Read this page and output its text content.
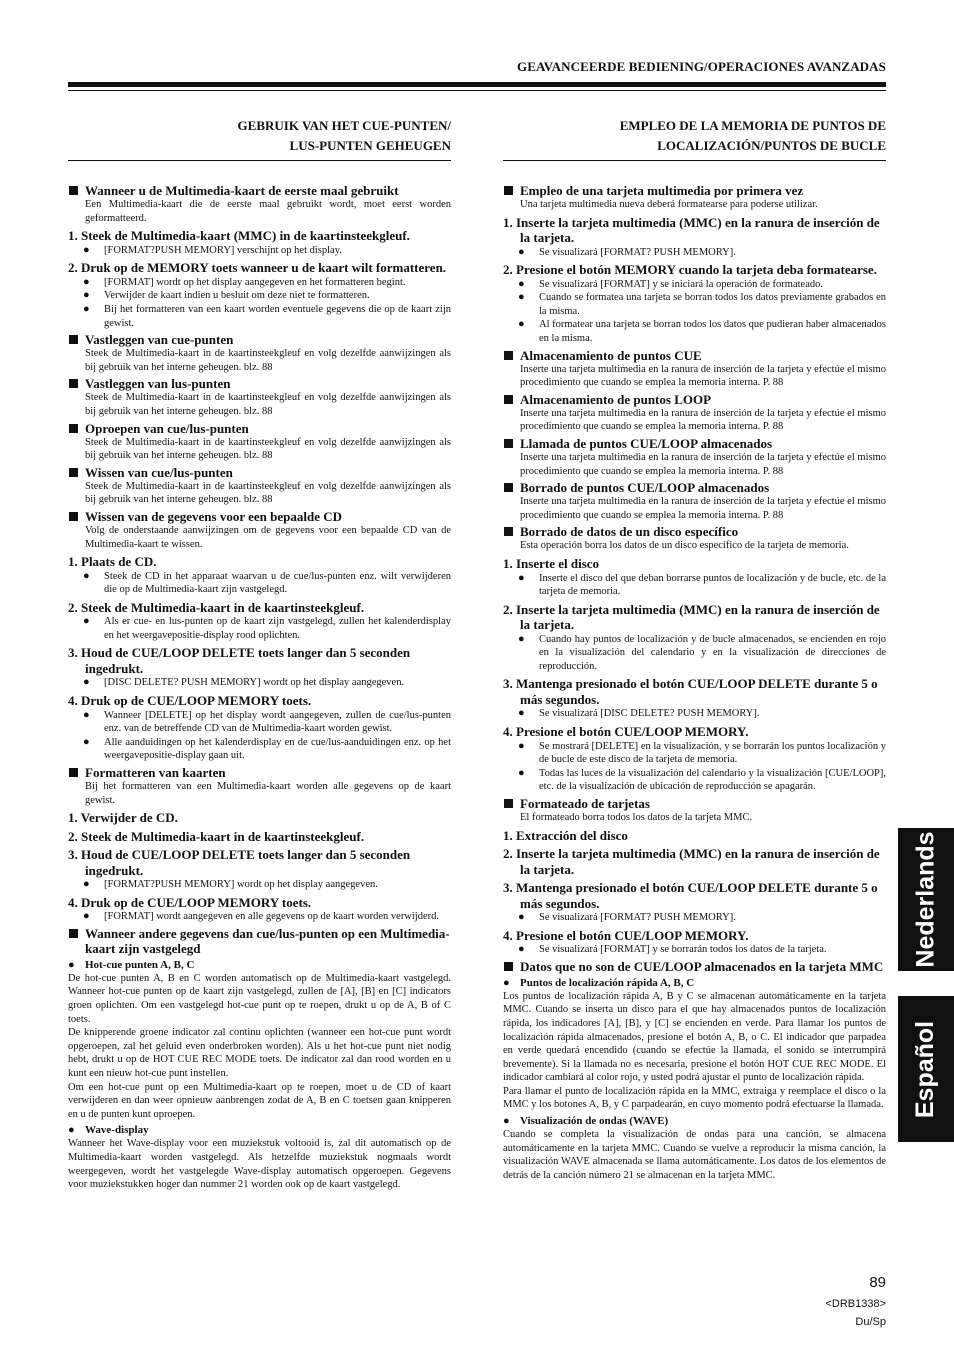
GEAVANCEERDE BEDIENING/OPERACIONES AVANZADAS
GEBRUIK VAN HET CUE-PUNTEN/
LUS-PUNTEN GEHEUGEN
Wanneer u de Multimedia-kaart de eerste maal gebruikt
Een Multimedia-kaart die de eerste maal gebruikt wordt, moet eerst worden geformatteerd.
1. Steek de Multimedia-kaart (MMC) in de kaartinsteekgleuf.
● [FORMAT?PUSH MEMORY] verschijnt op het display.
2. Druk op de MEMORY toets wanneer u de kaart wilt formatteren.
● [FORMAT] wordt op het display aangegeven en het formatteren begint.
● Verwijder de kaart indien u besluit om deze niet te formatteren.
● Bij het formatteren van een kaart worden eventuele gegevens die op de kaart zijn gewist.
Vastleggen van cue-punten
Steek de Multimedia-kaart in de kaartinsteekgleuf en volg dezelfde aanwijzingen als bij gebruik van het interne geheugen. blz. 88
Vastleggen van lus-punten
Steek de Multimedia-kaart in de kaartinsteekgleuf en volg dezelfde aanwijzingen als bij gebruik van het interne geheugen. blz. 88
Oproepen van cue/lus-punten
Steek de Multimedia-kaart in de kaartinsteekgleuf en volg dezelfde aanwijzingen als bij gebruik van het interne geheugen. blz. 88
Wissen van cue/lus-punten
Steek de Multimedia-kaart in de kaartinsteekgleuf en volg dezelfde aanwijzingen als bij gebruik van het interne geheugen. blz. 88
Wissen van de gegevens voor een bepaalde CD
Volg de onderstaande aanwijzingen om de gegevens voor een bepaalde CD van de Multimedia-kaart te wissen.
1. Plaats de CD.
● Steek de CD in het apparaat waarvan u de cue/lus-punten enz. wilt verwijderen die op de Multimedia-kaart zijn vastgelegd.
2. Steek de Multimedia-kaart in de kaartinsteekgleuf.
● Als er cue- en lus-punten op de kaart zijn vastgelegd, zullen het kalenderdisplay en het weergavepositie-display rood oplichten.
3. Houd de CUE/LOOP DELETE toets langer dan 5 seconden ingedrukt.
● [DISC DELETE? PUSH MEMORY] wordt op het display aangegeven.
4. Druk op de CUE/LOOP MEMORY toets.
● Wanneer [DELETE] op het display wordt aangegeven, zullen de cue/lus-punten enz. van de betreffende CD van de Multimedia-kaart worden gewist.
● Alle aanduidingen op het kalenderdisplay en de cue/lus-aanduidingen enz. op het weergavepositie-display gaan uit.
Formatteren van kaarten
Bij het formatteren van een Multimedia-kaart worden alle gegevens op de kaart gewist.
1. Verwijder de CD.
2. Steek de Multimedia-kaart in de kaartinsteekgleuf.
3. Houd de CUE/LOOP DELETE toets langer dan 5 seconden ingedrukt.
● [FORMAT?PUSH MEMORY] wordt op het display aangegeven.
4. Druk op de CUE/LOOP MEMORY toets.
● [FORMAT] wordt aangegeven en alle gegevens op de kaart worden verwijderd.
Wanneer andere gegevens dan cue/lus-punten op een Multimedia-kaart zijn vastgelegd
● Hot-cue punten A, B, C
De hot-cue punten A, B en C worden automatisch op de Multimedia-kaart vastgelegd. Wanneer hot-cue punten op de kaart zijn vastgelegd, zullen de [A], [B] en [C] indicators groen oplichten. Om een vastgelegd hot-cue punt op te roepen, drukt u op de A, B of C toets.
De knipperende groene indicator zal continu oplichten (wanneer een hot-cue punt wordt opgeroepen, zal het geluid even onderbroken worden). Als u het hot-cue punt niet nodig hebt, drukt u op de HOT CUE REC MODE toets. De indicator zal dan rood worden en u kunt een nieuw hot-cue punt instellen.
Om een hot-cue punt op een Multimedia-kaart op te roepen, moet u de CD of kaart verwijderen en dan weer opnieuw aanbrengen zodat de A, B en C toetsen gaan knipperen en u de punten kunt oproepen.
● Wave-display
Wanneer het Wave-display voor een muziekstuk voltooid is, zal dit automatisch op de Multimedia-kaart worden vastgelegd. Als hetzelfde muziekstuk nogmaals wordt weergegeven, wordt het vastgelegde Wave-display automatisch opgeroepen. Gegevens voor muziekstukken hoger dan nummer 21 worden ook op de kaart vastgelegd.
EMPLEO DE LA MEMORIA DE PUNTOS DE
LOCALIZACIÓN/PUNTOS DE BUCLE
Empleo de una tarjeta multimedia por primera vez
Una tarjeta multimedia nueva deberá formatearse para poderse utilizar.
1. Inserte la tarjeta multimedia (MMC) en la ranura de inserción de la tarjeta.
● Se visualizará [FORMAT? PUSH MEMORY].
2. Presione el botón MEMORY cuando la tarjeta deba formatearse.
● Se visualizará [FORMAT] y se iniciará la operación de formateado.
● Cuando se formatea una tarjeta se borran todos los datos previamente grabados en la misma.
● Al formatear una tarjeta se borran todos los datos que pudieran haber almacenados en la misma.
Almacenamiento de puntos CUE
Inserte una tarjeta multimedia en la ranura de inserción de la tarjeta y efectúe el mismo procedimiento que cuando se emplea la memoria interna. P. 88
Almacenamiento de puntos LOOP
Inserte una tarjeta multimedia en la ranura de inserción de la tarjeta y efectúe el mismo procedimiento que cuando se emplea la memoria interna. P. 88
Llamada de puntos CUE/LOOP almacenados
Inserte una tarjeta multimedia en la ranura de inserción de la tarjeta y efectúe el mismo procedimiento que cuando se emplea la memoria interna. P. 88
Borrado de puntos CUE/LOOP almacenados
Inserte una tarjeta multimedia en la ranura de inserción de la tarjeta y efectúe el mismo procedimiento que cuando se emplea la memoria interna. P. 88
Borrado de datos de un disco específico
Esta operación borra los datos de un disco específico de la tarjeta de memoria.
1. Inserte el disco
● Inserte el disco del que deban borrarse puntos de localización y de bucle, etc. de la tarjeta de memoria.
2. Inserte la tarjeta multimedia (MMC) en la ranura de inserción de la tarjeta.
● Cuando hay puntos de localización y de bucle almacenados, se encienden en rojo en la visualización del calendario y en la visualización de direcciones de reproducción.
3. Mantenga presionado el botón CUE/LOOP DELETE durante 5 o más segundos.
● Se visualizará [DISC DELETE? PUSH MEMORY].
4. Presione el botón CUE/LOOP MEMORY.
● Se mostrará [DELETE] en la visualización, y se borrarán los puntos localización y de bucle de este disco de la tarjeta de memoria.
● Todas las luces de la visualización del calendario y la visualización [CUE/LOOP], etc. de la visualización de ubicación de reproducción se apagarán.
Formateado de tarjetas
El formateado borra todos los datos de la tarjeta MMC.
1. Extracción del disco
2. Inserte la tarjeta multimedia (MMC) en la ranura de inserción de la tarjeta.
3. Mantenga presionado el botón CUE/LOOP DELETE durante 5 o más segundos.
● Se visualizará [FORMAT? PUSH MEMORY].
4. Presione el botón CUE/LOOP MEMORY.
● Se visualizará [FORMAT] y se borrarán todos los datos de la tarjeta.
Datos que no son de CUE/LOOP almacenados en la tarjeta MMC
● Puntos de localización rápida A, B, C
Los puntos de localización rápida A, B y C se almacenan automáticamente en la tarjeta MMC. Cuando se inserta un disco para el que hay almacenados puntos de localización rápida, los indicadores [A], [B], y [C] se encienden en verde. Para llamar los puntos de localización rápida almacenados, presione el botón A, B, o C. El indicador que parpadea en verde quedará encendido (cuando se efectúe la llamada, el sonido se interrumpirá brevemente). Si la llamada no es necesaria, presione el botón HOT CUE REC MODE. El indicador cambiará al color rojo, y usted podrá ajustar el punto de localización rápida.
Para llamar el punto de localización rápida en la MMC, extraiga y reemplace el disco o la MMC y los botones A, B, y C parpadearán, en cuyo momento podrá efectuarse la llamada.
● Visualización de ondas (WAVE)
Cuando se completa la visualización de ondas para una canción, se almacena automáticamente en la tarjeta MMC. Cuando se vuelve a reproducir la misma canción, la visualización WAVE almacenada se llama automáticamente. Los datos de los elementos de detrás de la canción número 21 se almacenan en la tarjeta MMC.
Nederlands
Español
89
<DRB1338>
Du/Sp
